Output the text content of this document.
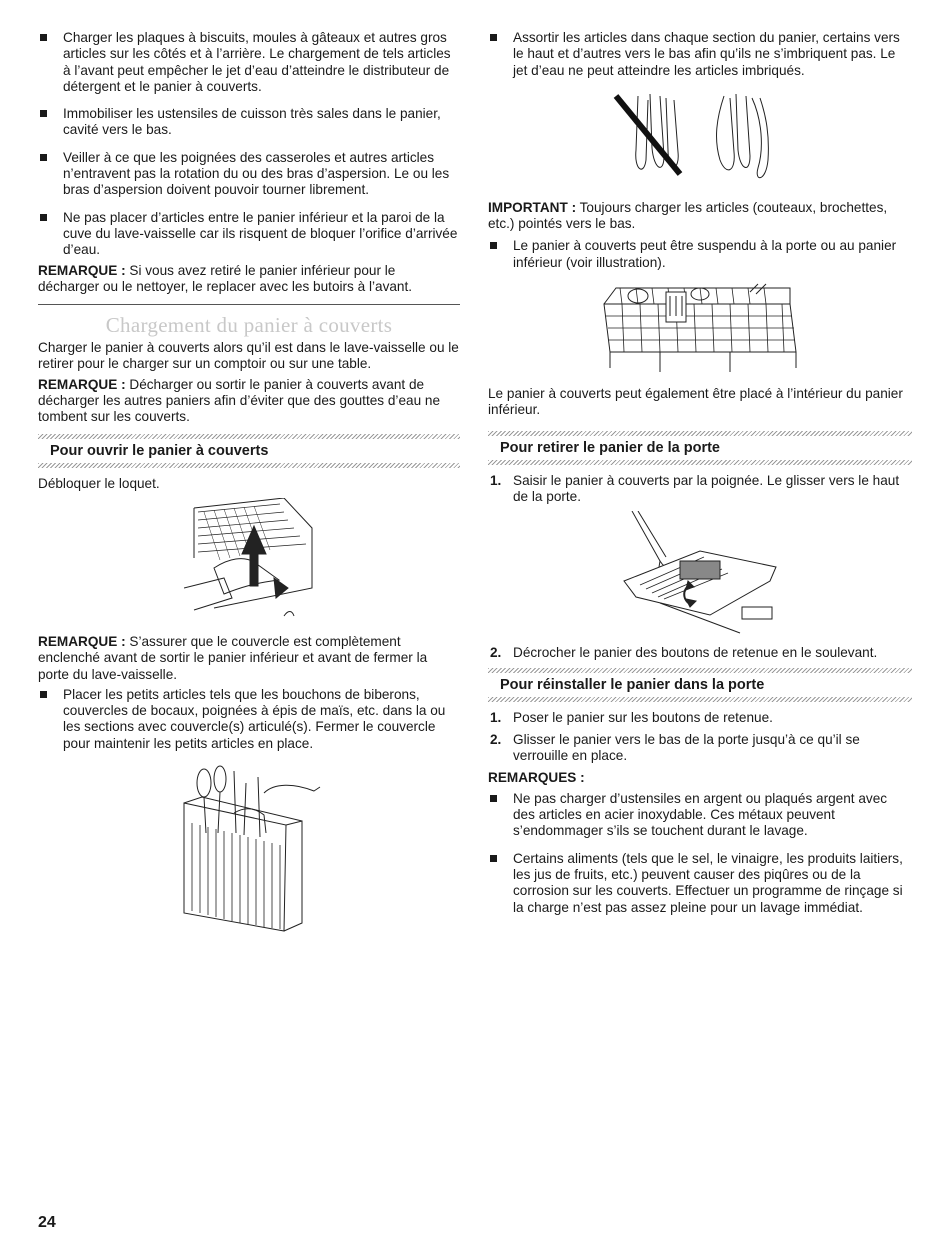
Charger les plaques à biscuits, moules à gâteaux et autres gros articles sur les côtés et à l’arrière. Le chargement de tels articles à l’avant peut empêcher le jet d’eau d’atteindre le distributeur de détergent et le panier à couverts.
Immobiliser les ustensiles de cuisson très sales dans le panier, cavité vers le bas.
Veiller à ce que les poignées des casseroles et autres articles n’entravent pas la rotation du ou des bras d’aspersion. Le ou les bras d’aspersion doivent pouvoir tourner librement.
Ne pas placer d’articles entre le panier inférieur et la paroi de la cuve du lave-vaisselle car ils risquent de bloquer l’orifice d’arrivée d’eau.

REMARQUE : Si vous avez retiré le panier inférieur pour le décharger ou le nettoyer, le replacer avec les butoirs à l’avant.

Chargement du panier à couverts

Charger le panier à couverts alors qu’il est dans le lave-vaisselle ou le retirer pour le charger sur un comptoir ou sur une table.

REMARQUE : Décharger ou sortir le panier à couverts avant de décharger les autres paniers afin d’éviter que des gouttes d’eau ne tombent sur les couverts.

Pour ouvrir le panier à couverts

Débloquer le loquet.

REMARQUE : S’assurer que le couvercle est complètement enclenché avant de sortir le panier inférieur et avant de fermer la porte du lave-vaisselle.

Placer les petits articles tels que les bouchons de biberons, couvercles de bocaux, poignées à épis de maïs, etc. dans la ou les sections avec couvercle(s) articulé(s). Fermer le couvercle pour maintenir les petits articles en place.
Assortir les articles dans chaque section du panier, certains vers le haut et d’autres vers le bas afin qu’ils ne s’imbriquent pas. Le jet d’eau ne peut atteindre les articles imbriqués.

IMPORTANT : Toujours charger les articles (couteaux, brochettes, etc.) pointés vers le bas.

Le panier à couverts peut être suspendu à la porte ou au panier inférieur (voir illustration).

Le panier à couverts peut également être placé à l’intérieur du panier inférieur.

Pour retirer le panier de la porte
1. Saisir le panier à couverts par la poignée. Le glisser vers le haut de la porte.
2. Décrocher le panier des boutons de retenue en le soulevant.
Pour réinstaller le panier dans la porte
1. Poser le panier sur les boutons de retenue.
2. Glisser le panier vers le bas de la porte jusqu’à ce qu’il se verrouille en place.

REMARQUES :

Ne pas charger d’ustensiles en argent ou plaqués argent avec des articles en acier inoxydable. Ces métaux peuvent s’endommager s’ils se touchent durant le lavage.
Certains aliments (tels que le sel, le vinaigre, les produits laitiers, les jus de fruits, etc.) peuvent causer des piqûres ou de la corrosion sur les couverts. Effectuer un programme de rinçage si la charge n’est pas assez pleine pour un lavage immédiat.
24
